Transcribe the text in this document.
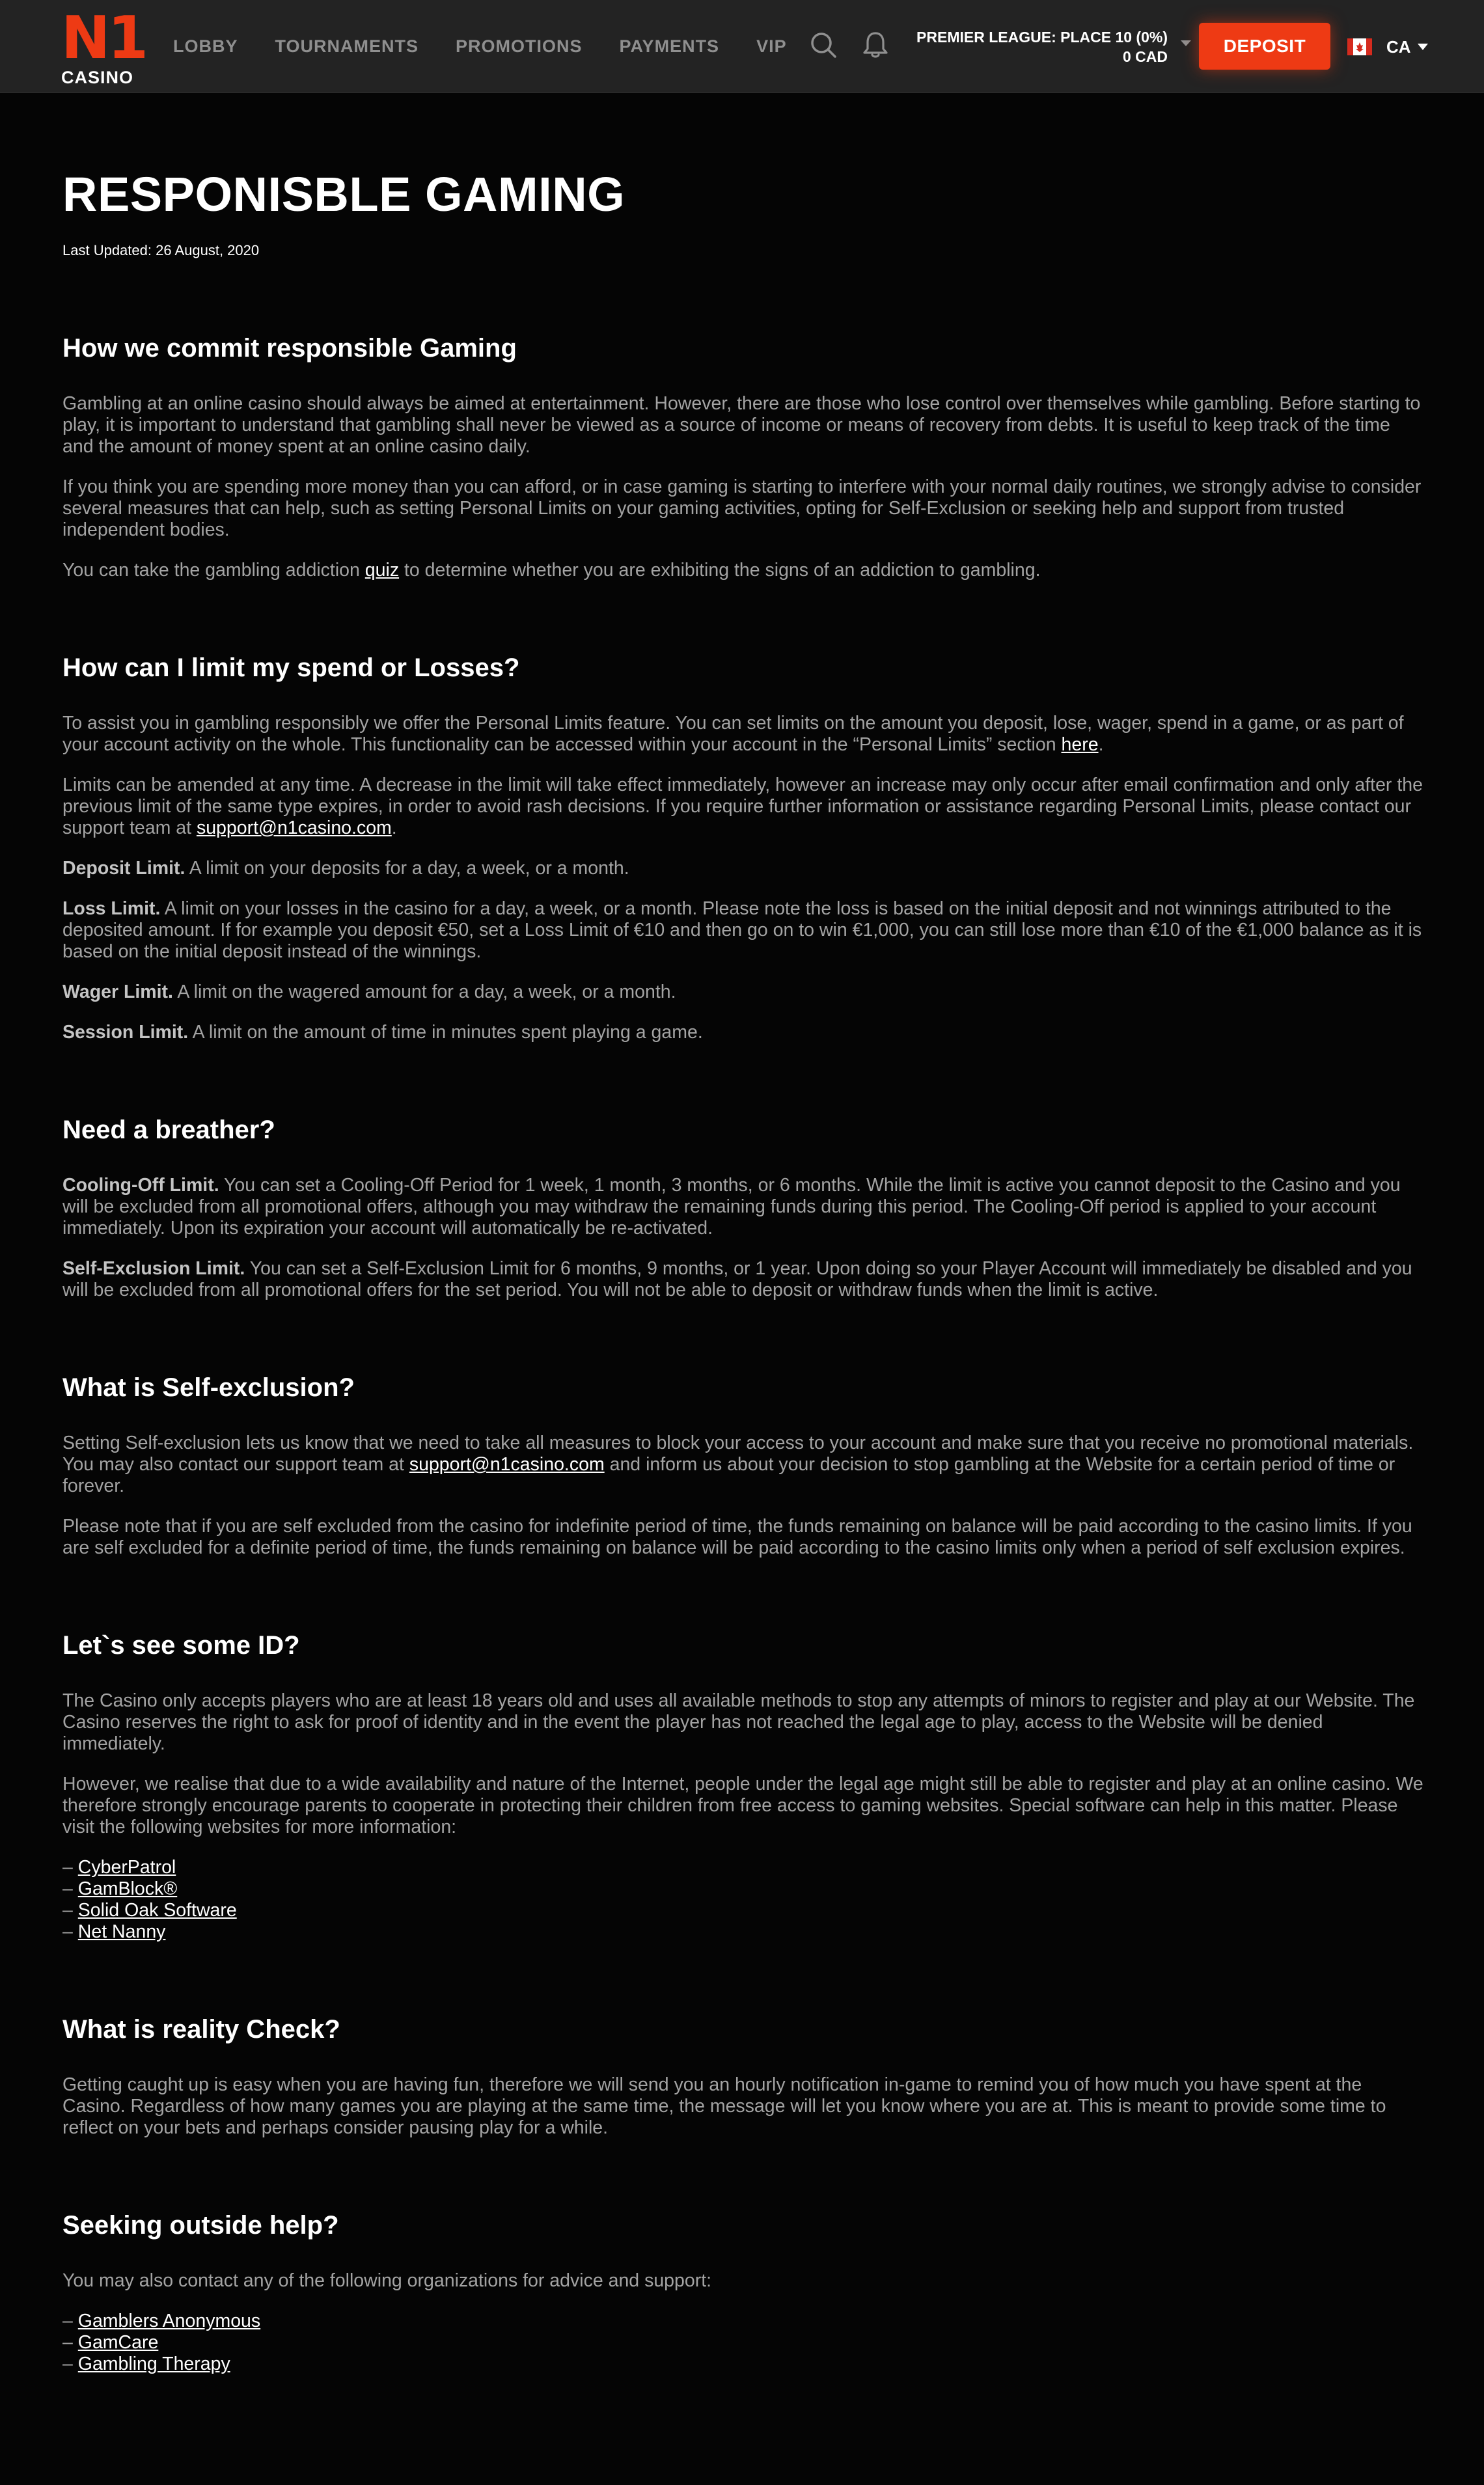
N1
CASINO
LOBBY TOURNAMENTS PROMOTIONS PAYMENTS VIP	PREMIER LEAGUE: PLACE 10 (0%)
0 CAD
DEPOSIT	CA
RESPONISBLE GAMING
Last Updated: 26 August, 2020
How we commit responsible Gaming

Gambling at an online casino should always be aimed at entertainment. However, there are those who lose control over themselves while gambling. Before starting to play, it is important to understand that gambling shall never be viewed as a source of income or means of recovery from debts. It is useful to keep track of the time and the amount of money spent at an online casino daily.

If you think you are spending more money than you can afford, or in case gaming is starting to interfere with your normal daily routines, we strongly advise to consider several measures that can help, such as setting Personal Limits on your gaming activities, opting for Self-Exclusion or seeking help and support from trusted independent bodies.

You can take the gambling addiction quiz to determine whether you are exhibiting the signs of an addiction to gambling.

How can I limit my spend or Losses?

To assist you in gambling responsibly we offer the Personal Limits feature. You can set limits on the amount you deposit, lose, wager, spend in a game, or as part of your account activity on the whole. This functionality can be accessed within your account in the “Personal Limits” section here.

Limits can be amended at any time. A decrease in the limit will take effect immediately, however an increase may only occur after email confirmation and only after the previous limit of the same type expires, in order to avoid rash decisions. If you require further information or assistance regarding Personal Limits, please contact our support team at support@n1casino.com.

Deposit Limit. A limit on your deposits for a day, a week, or a month.

Loss Limit. A limit on your losses in the casino for a day, a week, or a month. Please note the loss is based on the initial deposit and not winnings attributed to the deposited amount. If for example you deposit €50, set a Loss Limit of €10 and then go on to win €1,000, you can still lose more than €10 of the €1,000 balance as it is based on the initial deposit instead of the winnings.

Wager Limit. A limit on the wagered amount for a day, a week, or a month.

Session Limit. A limit on the amount of time in minutes spent playing a game.

Need a breather?

Cooling-Off Limit. You can set a Cooling-Off Period for 1 week, 1 month, 3 months, or 6 months. While the limit is active you cannot deposit to the Casino and you will be excluded from all promotional offers, although you may withdraw the remaining funds during this period. The Cooling-Off period is applied to your account immediately. Upon its expiration your account will automatically be re-activated.

Self-Exclusion Limit. You can set a Self-Exclusion Limit for 6 months, 9 months, or 1 year. Upon doing so your Player Account will immediately be disabled and you will be excluded from all promotional offers for the set period. You will not be able to deposit or withdraw funds when the limit is active.

What is Self-exclusion?

Setting Self-exclusion lets us know that we need to take all measures to block your access to your account and make sure that you receive no promotional materials. You may also contact our support team at support@n1casino.com and inform us about your decision to stop gambling at the Website for a certain period of time or forever.

Please note that if you are self excluded from the casino for indefinite period of time, the funds remaining on balance will be paid according to the casino limits. If you are self excluded for a definite period of time, the funds remaining on balance will be paid according to the casino limits only when a period of self exclusion expires.

Let`s see some ID?

The Casino only accepts players who are at least 18 years old and uses all available methods to stop any attempts of minors to register and play at our Website. The Casino reserves the right to ask for proof of identity and in the event the player has not reached the legal age to play, access to the Website will be denied immediately.

However, we realise that due to a wide availability and nature of the Internet, people under the legal age might still be able to register and play at an online casino. We therefore strongly encourage parents to cooperate in protecting their children from free access to gaming websites. Special software can help in this matter. Please visit the following websites for more information:

– CyberPatrol
– GamBlock®
– Solid Oak Software
– Net Nanny
What is reality Check?

Getting caught up is easy when you are having fun, therefore we will send you an hourly notification in-game to remind you of how much you have spent at the Casino. Regardless of how many games you are playing at the same time, the message will let you know where you are at. This is meant to provide some time to reflect on your bets and perhaps consider pausing play for a while.

Seeking outside help?

You may also contact any of the following organizations for advice and support:

– Gamblers Anonymous
– GamCare
– Gambling Therapy
